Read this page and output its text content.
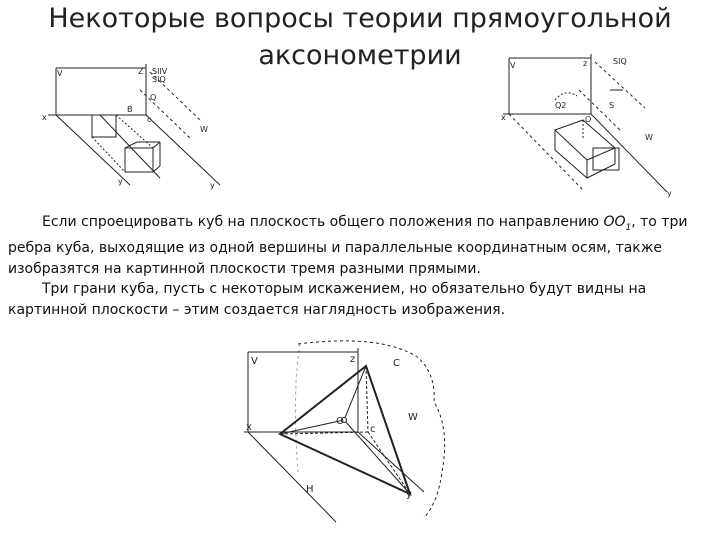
Некоторые вопросы теории прямоугольной аксонометрии
V	Z
x
y	y
W
B
c
Q
SIIV
SIQ
V	z	SIQ
Q2	S
x
W
O
y

Если спроецировать куб на плоскость общего положения по направлению $OO_1$, то три ребра куба, выходящие из одной вершины и параллельные координатным осям, также изобразятся на картинной плоскости тремя разными прямыми.

Три грани куба, пусть с некоторым искажением, но обязательно будут видны на картинной плоскости – этим создается наглядность изображения.

V	z	C
O
c
W
x
H	y
